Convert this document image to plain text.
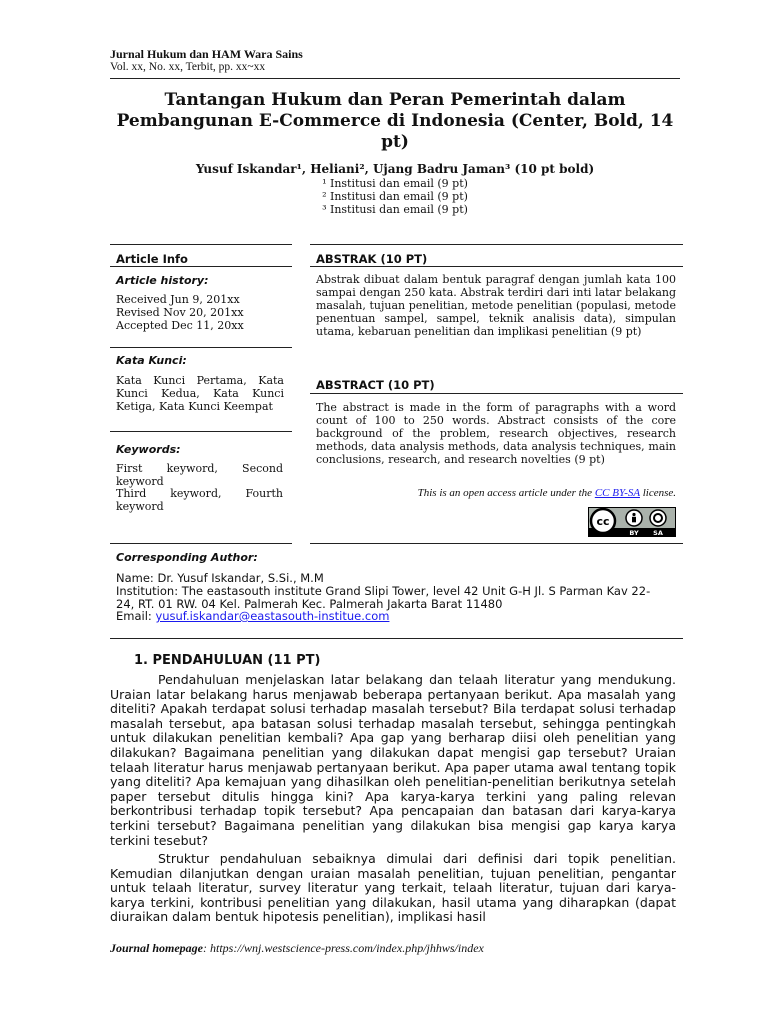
Jurnal Hukum dan HAM Wara Sains
Vol. xx, No. xx, Terbit, pp. xx~xx
Tantangan Hukum dan Peran Pemerintah dalam Pembangunan E-Commerce di Indonesia (Center, Bold, 14 pt)
Yusuf Iskandar¹, Heliani², Ujang Badru Jaman³ (10 pt bold)
¹ Institusi dan email (9 pt)
² Institusi dan email (9 pt)
³ Institusi dan email (9 pt)
Article Info
Article history:
Received Jun 9, 201xx
Revised Nov 20, 201xx
Accepted Dec 11, 20xx
Kata Kunci:
Kata Kunci Pertama, Kata
Kunci Kedua, Kata Kunci
Ketiga, Kata Kunci Keempat
Keywords:
First keyword, Second
keyword
Third keyword, Fourth
keyword
ABSTRAK (10 PT)
Abstrak dibuat dalam bentuk paragraf dengan jumlah kata 100 sampai dengan 250 kata. Abstrak terdiri dari inti latar belakang masalah, tujuan penelitian, metode penelitian (populasi, metode penentuan sampel, sampel, teknik analisis data), simpulan utama, kebaruan penelitian dan implikasi penelitian (9 pt)
ABSTRACT (10 PT)
The abstract is made in the form of paragraphs with a word count of 100 to 250 words. Abstract consists of the core background of the problem, research objectives, research methods, data analysis methods, data analysis techniques, main conclusions, research, and research novelties (9 pt)
This is an open access article under the CC BY-SA license.
cc
BY SA
Corresponding Author:
Name: Dr. Yusuf Iskandar, S.Si., M.M
Institution: The eastasouth institute Grand Slipi Tower, level 42 Unit G-H Jl. S Parman Kav 22-
24, RT. 01 RW. 04 Kel. Palmerah Kec. Palmerah Jakarta Barat 11480
Email: yusuf.iskandar@eastasouth-institue.com
1. PENDAHULUAN (11 PT)
Pendahuluan menjelaskan latar belakang dan telaah literatur yang mendukung. Uraian latar belakang harus menjawab beberapa pertanyaan berikut. Apa masalah yang diteliti? Apakah terdapat solusi terhadap masalah tersebut? Bila terdapat solusi terhadap masalah tersebut, apa batasan solusi terhadap masalah tersebut, sehingga pentingkah untuk dilakukan penelitian kembali? Apa gap yang berharap diisi oleh penelitian yang dilakukan? Bagaimana penelitian yang dilakukan dapat mengisi gap tersebut? Uraian telaah literatur harus menjawab pertanyaan berikut. Apa paper utama awal tentang topik yang diteliti? Apa kemajuan yang dihasilkan oleh penelitian-penelitian berikutnya setelah paper tersebut ditulis hingga kini? Apa karya-karya terkini yang paling relevan berkontribusi terhadap topik tersebut? Apa pencapaian dan batasan dari karya-karya terkini tersebut? Bagaimana penelitian yang dilakukan bisa mengisi gap karya karya terkini tesebut?
Struktur pendahuluan sebaiknya dimulai dari definisi dari topik penelitian. Kemudian dilanjutkan dengan uraian masalah penelitian, tujuan penelitian, pengantar untuk telaah literatur, survey literatur yang terkait, telaah literatur, tujuan dari karya-karya terkini, kontribusi penelitian yang dilakukan, hasil utama yang diharapkan (dapat diuraikan dalam bentuk hipotesis penelitian), implikasi hasil
Journal homepage: https://wnj.westscience-press.com/index.php/jhhws/index
